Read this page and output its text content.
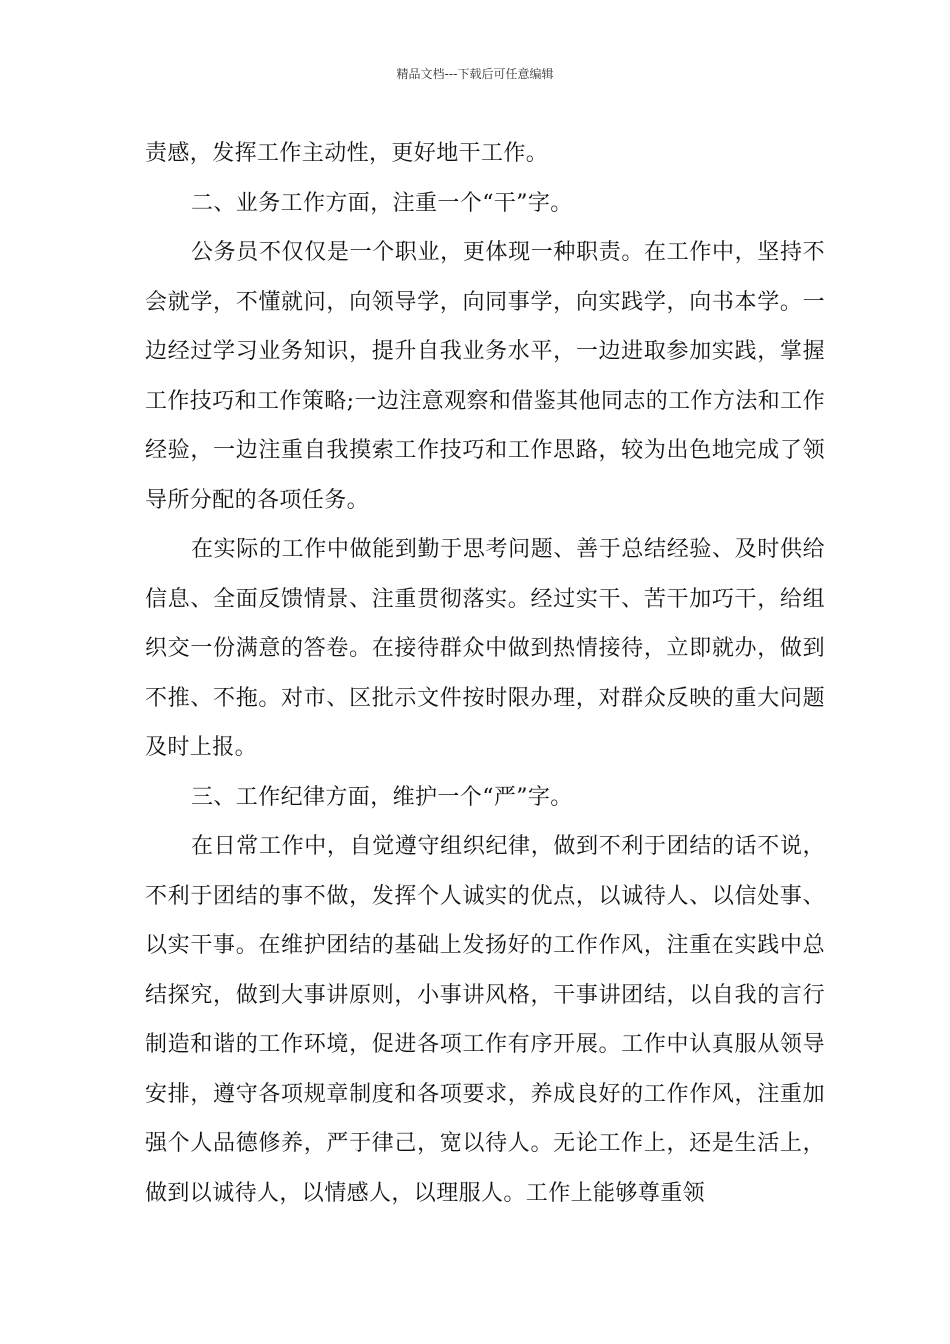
精品文档---下载后可任意编辑

责感，发挥工作主动性，更好地干工作。

二、业务工作方面，注重一个“干”字。

公务员不仅仅是一个职业，更体现一种职责。在工作中，坚持不会就学，不懂就问，向领导学，向同事学，向实践学，向书本学。一边经过学习业务知识，提升自我业务水平，一边进取参加实践，掌握工作技巧和工作策略;一边注意观察和借鉴其他同志的工作方法和工作经验，一边注重自我摸索工作技巧和工作思路，较为出色地完成了领导所分配的各项任务。

在实际的工作中做能到勤于思考问题、善于总结经验、及时供给信息、全面反馈情景、注重贯彻落实。经过实干、苦干加巧干，给组织交一份满意的答卷。在接待群众中做到热情接待，立即就办，做到不推、不拖。对市、区批示文件按时限办理，对群众反映的重大问题及时上报。

三、工作纪律方面，维护一个“严”字。

在日常工作中，自觉遵守组织纪律，做到不利于团结的话不说，不利于团结的事不做，发挥个人诚实的优点，以诚待人、以信处事、以实干事。在维护团结的基础上发扬好的工作作风，注重在实践中总结探究，做到大事讲原则，小事讲风格，干事讲团结，以自我的言行制造和谐的工作环境，促进各项工作有序开展。工作中认真服从领导安排，遵守各项规章制度和各项要求，养成良好的工作作风，注重加强个人品德修养，严于律己，宽以待人。无论工作上，还是生活上，做到以诚待人，以情感人，以理服人。工作上能够尊重领
